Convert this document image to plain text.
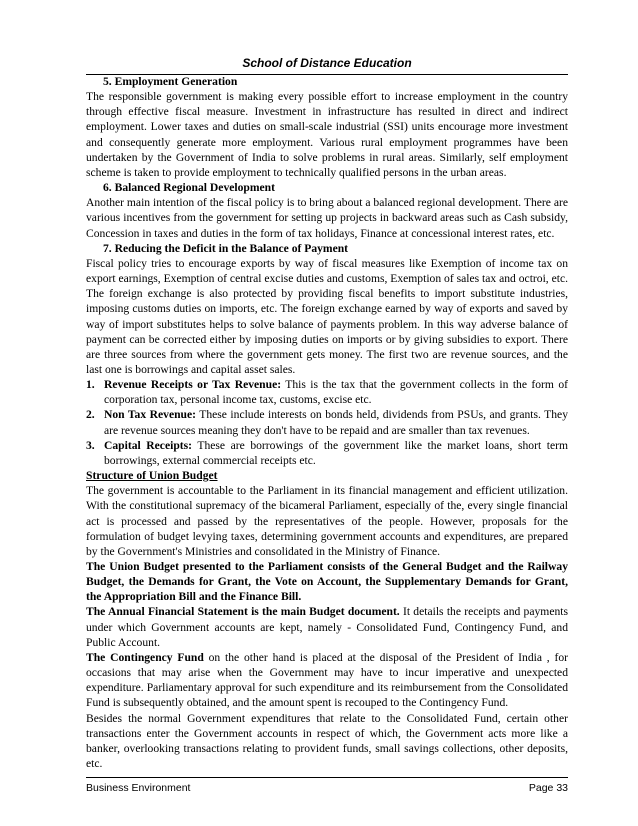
School of Distance Education
5. Employment Generation

The responsible government is making every possible effort to increase employment in the country through effective fiscal measure. Investment in infrastructure has resulted in direct and indirect employment. Lower taxes and duties on small-scale industrial (SSI) units encourage more investment and consequently generate more employment. Various rural employment programmes have been undertaken by the Government of India to solve problems in rural areas. Similarly, self employment scheme is taken to provide employment to technically qualified persons in the urban areas.

6. Balanced Regional Development

Another main intention of the fiscal policy is to bring about a balanced regional development. There are various incentives from the government for setting up projects in backward areas such as Cash subsidy, Concession in taxes and duties in the form of tax holidays, Finance at concessional interest rates, etc.

7. Reducing the Deficit in the Balance of Payment

Fiscal policy tries to encourage exports by way of fiscal measures like Exemption of income tax on export earnings, Exemption of central excise duties and customs, Exemption of sales tax and octroi, etc. The foreign exchange is also protected by providing fiscal benefits to import substitute industries, imposing customs duties on imports, etc. The foreign exchange earned by way of exports and saved by way of import substitutes helps to solve balance of payments problem. In this way adverse balance of payment can be corrected either by imposing duties on imports or by giving subsidies to export. There are three sources from where the government gets money. The first two are revenue sources, and the last one is borrowings and capital asset sales.

1. Revenue Receipts or Tax Revenue: This is the tax that the government collects in the form of corporation tax, personal income tax, customs, excise etc.
2. Non Tax Revenue: These include interests on bonds held, dividends from PSUs, and grants. They are revenue sources meaning they don't have to be repaid and are smaller than tax revenues.
3. Capital Receipts: These are borrowings of the government like the market loans, short term borrowings, external commercial receipts etc.

Structure of Union Budget

The government is accountable to the Parliament in its financial management and efficient utilization. With the constitutional supremacy of the bicameral Parliament, especially of the, every single financial act is processed and passed by the representatives of the people. However, proposals for the formulation of budget levying taxes, determining government accounts and expenditures, are prepared by the Government's Ministries and consolidated in the Ministry of Finance.

The Union Budget presented to the Parliament consists of the General Budget and the Railway Budget, the Demands for Grant, the Vote on Account, the Supplementary Demands for Grant, the Appropriation Bill and the Finance Bill.

The Annual Financial Statement is the main Budget document. It details the receipts and payments under which Government accounts are kept, namely - Consolidated Fund, Contingency Fund, and Public Account.

The Contingency Fund on the other hand is placed at the disposal of the President of India , for occasions that may arise when the Government may have to incur imperative and unexpected expenditure. Parliamentary approval for such expenditure and its reimbursement from the Consolidated Fund is subsequently obtained, and the amount spent is recouped to the Contingency Fund.

Besides the normal Government expenditures that relate to the Consolidated Fund, certain other transactions enter the Government accounts in respect of which, the Government acts more like a banker, overlooking transactions relating to provident funds, small savings collections, other deposits, etc.

Business Environment	Page 33
